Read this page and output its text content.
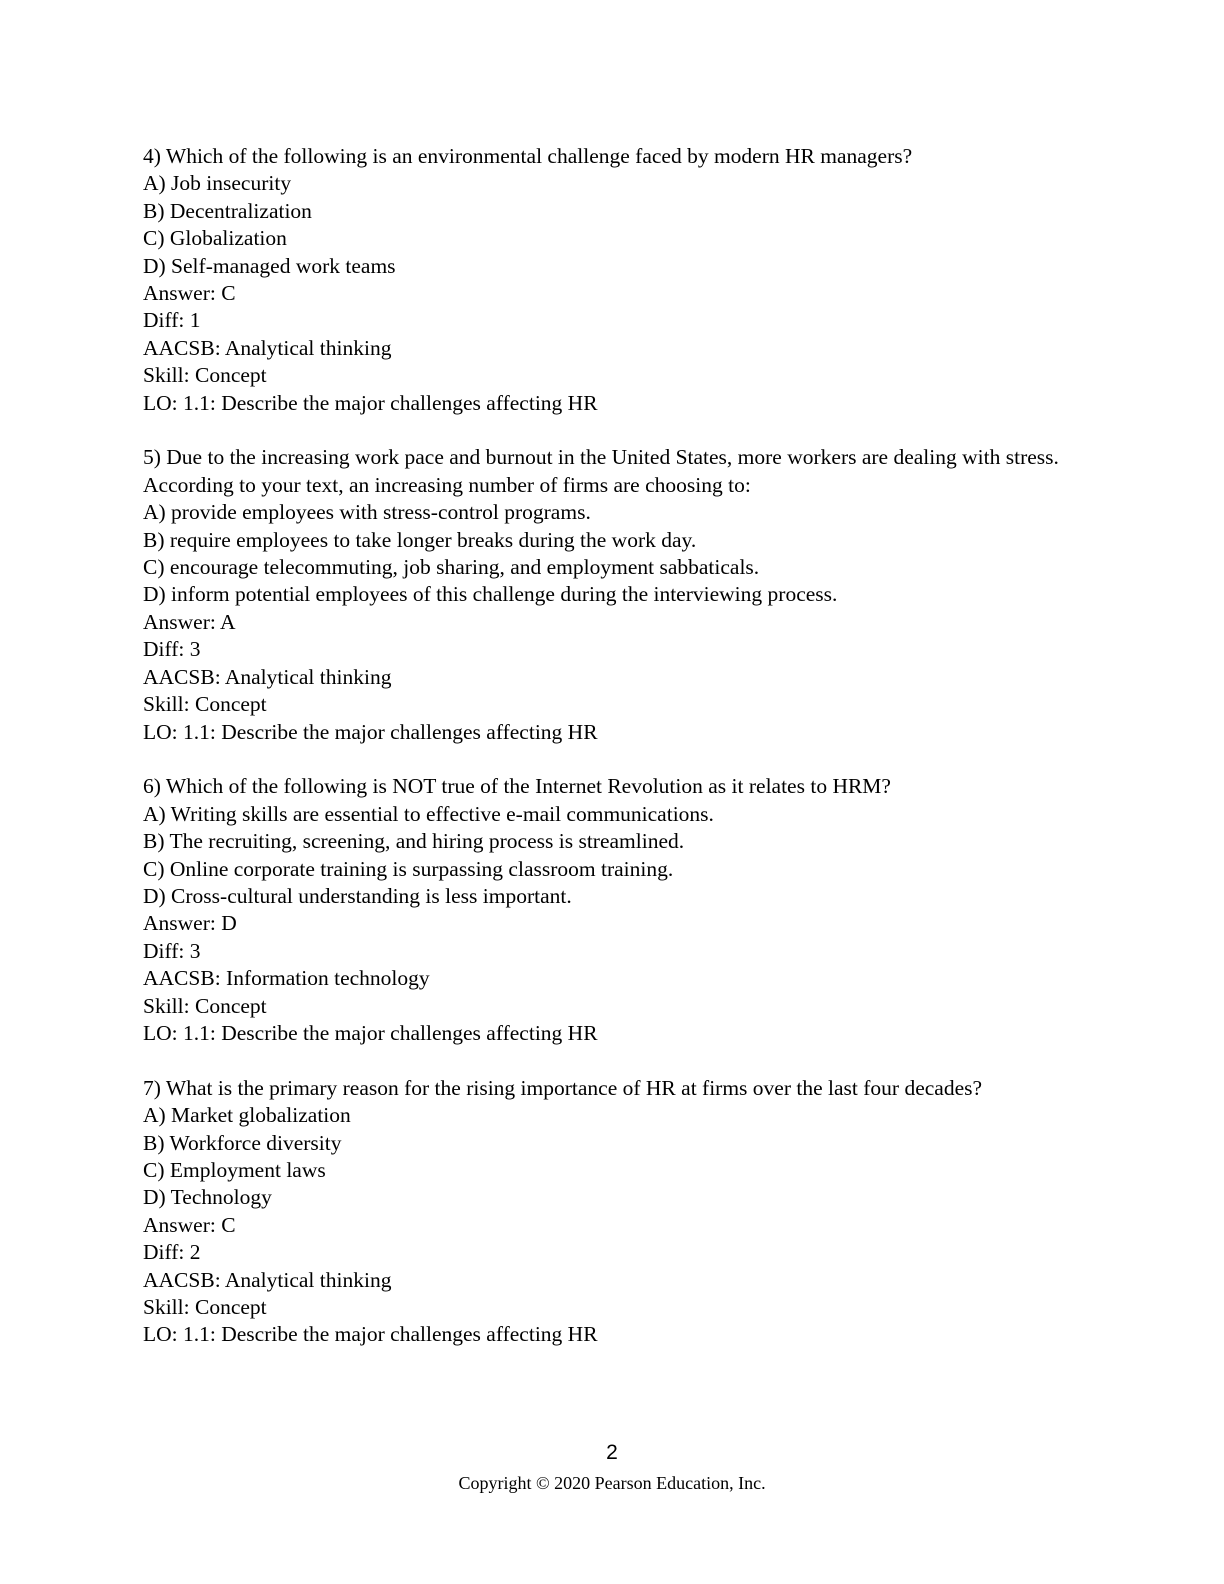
4) Which of the following is an environmental challenge faced by modern HR managers?
A) Job insecurity
B) Decentralization
C) Globalization
D) Self-managed work teams
Answer: C
Diff: 1
AACSB: Analytical thinking
Skill: Concept
LO: 1.1: Describe the major challenges affecting HR
5) Due to the increasing work pace and burnout in the United States, more workers are dealing with stress. According to your text, an increasing number of firms are choosing to:
A) provide employees with stress-control programs.
B) require employees to take longer breaks during the work day.
C) encourage telecommuting, job sharing, and employment sabbaticals.
D) inform potential employees of this challenge during the interviewing process.
Answer: A
Diff: 3
AACSB: Analytical thinking
Skill: Concept
LO: 1.1: Describe the major challenges affecting HR
6) Which of the following is NOT true of the Internet Revolution as it relates to HRM?
A) Writing skills are essential to effective e-mail communications.
B) The recruiting, screening, and hiring process is streamlined.
C) Online corporate training is surpassing classroom training.
D) Cross-cultural understanding is less important.
Answer: D
Diff: 3
AACSB: Information technology
Skill: Concept
LO: 1.1: Describe the major challenges affecting HR
7) What is the primary reason for the rising importance of HR at firms over the last four decades?
A) Market globalization
B) Workforce diversity
C) Employment laws
D) Technology
Answer: C
Diff: 2
AACSB: Analytical thinking
Skill: Concept
LO: 1.1: Describe the major challenges affecting HR
2
Copyright © 2020 Pearson Education, Inc.
